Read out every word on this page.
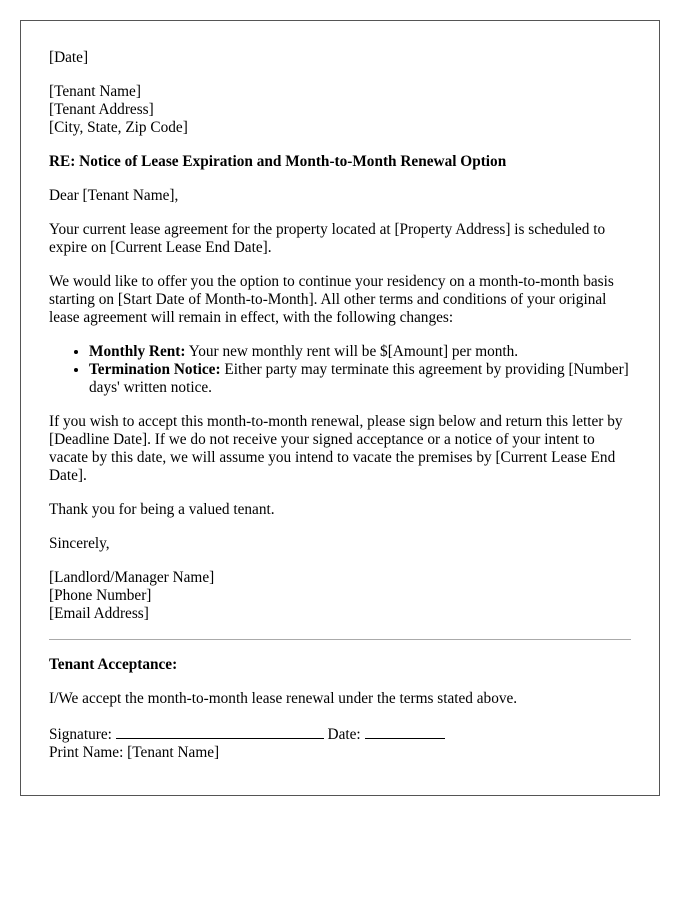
[Date]

[Tenant Name]
[Tenant Address]
[City, State, Zip Code]

RE: Notice of Lease Expiration and Month-to-Month Renewal Option

Dear [Tenant Name],

Your current lease agreement for the property located at [Property Address] is scheduled to expire on [Current Lease End Date].

We would like to offer you the option to continue your residency on a month-to-month basis starting on [Start Date of Month-to-Month]. All other terms and conditions of your original lease agreement will remain in effect, with the following changes:

• Monthly Rent: Your new monthly rent will be $[Amount] per month.
• Termination Notice: Either party may terminate this agreement by providing [Number] days' written notice.

If you wish to accept this month-to-month renewal, please sign below and return this letter by [Deadline Date]. If we do not receive your signed acceptance or a notice of your intent to vacate by this date, we will assume you intend to vacate the premises by [Current Lease End Date].

Thank you for being a valued tenant.

Sincerely,

[Landlord/Manager Name]
[Phone Number]
[Email Address]

Tenant Acceptance:

I/We accept the month-to-month lease renewal under the terms stated above.

Signature:	Date:
Print Name: [Tenant Name]
